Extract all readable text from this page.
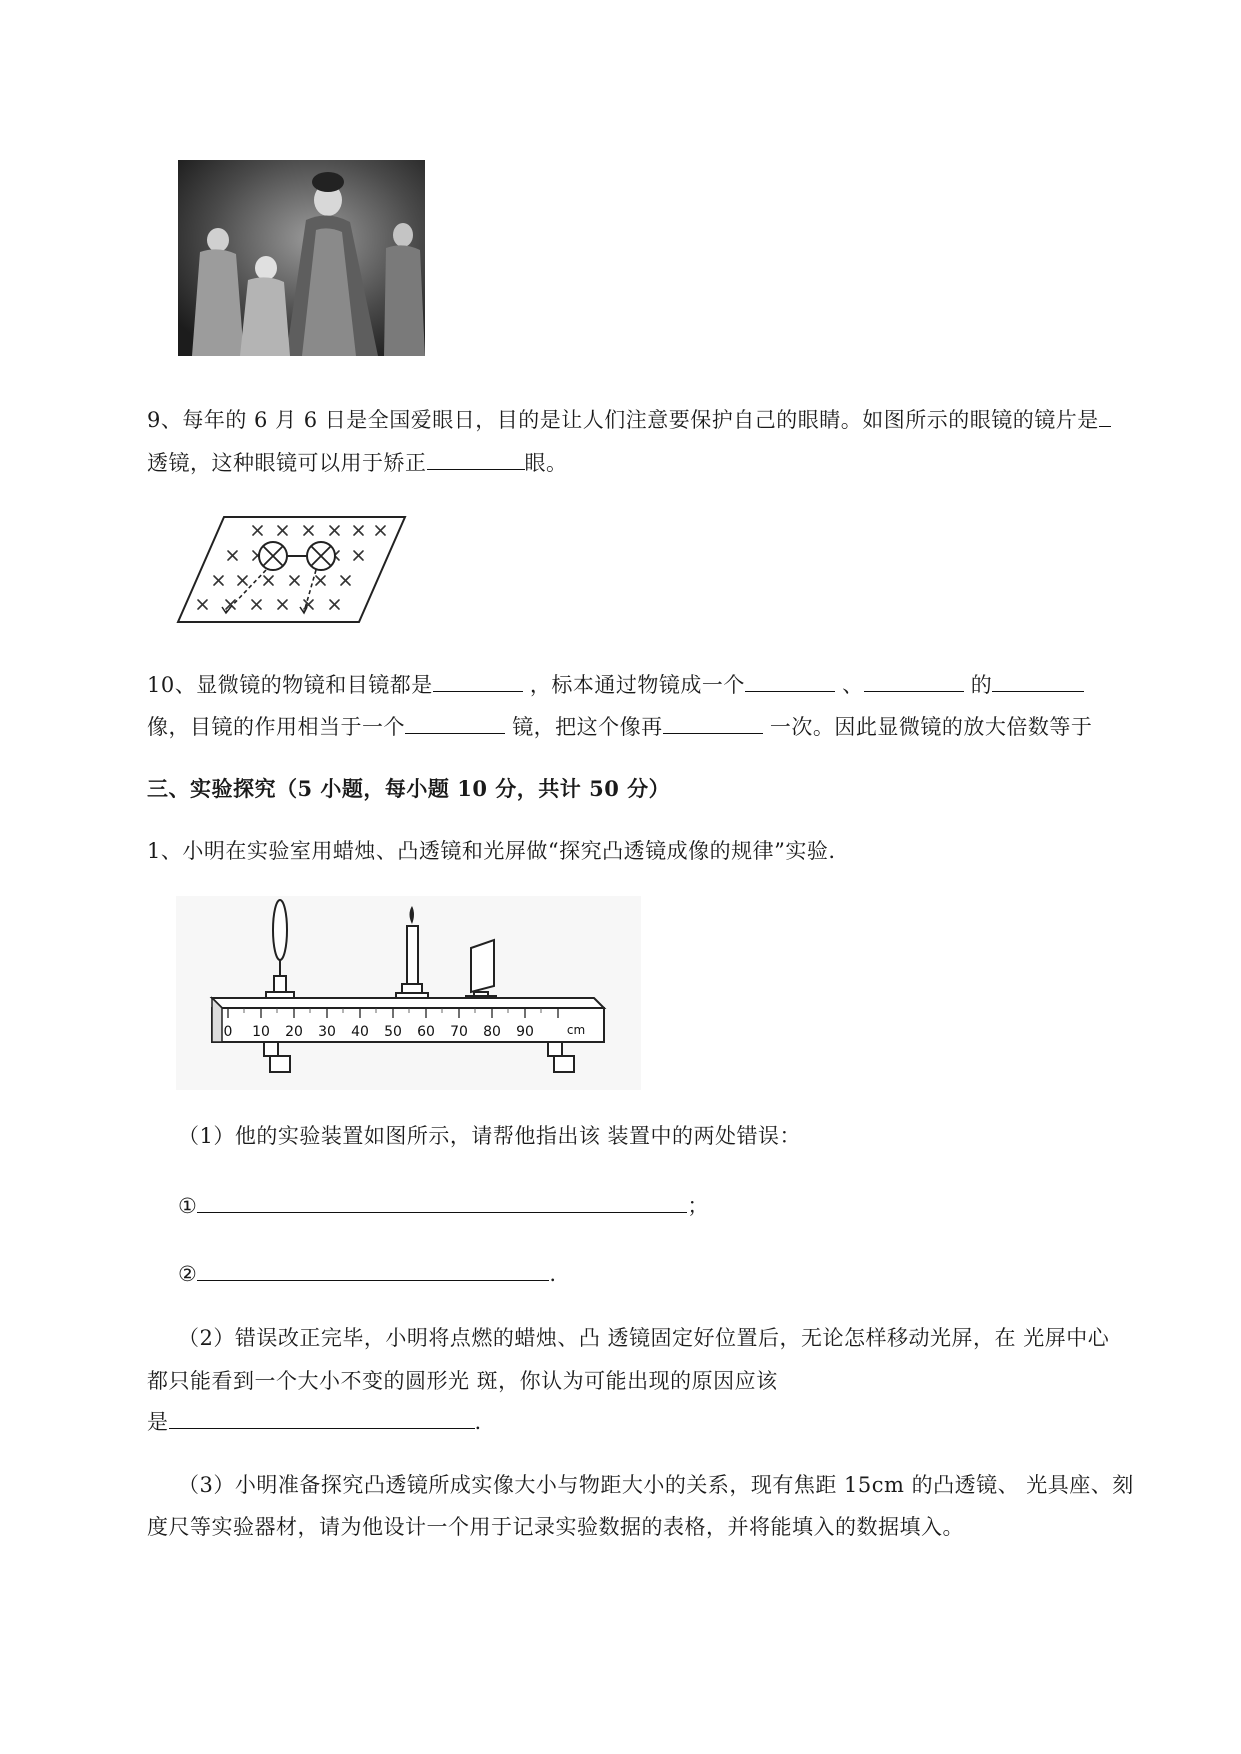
9、每年的 6 月 6 日是全国爱眼日，目的是让人们注意要保护自己的眼睛。如图所示的眼镜的镜片是
透镜，这种眼镜可以用于矫正	眼。
10、显微镜的物镜和目镜都是	，标本通过物镜成一个	、	的
像，目镜的作用相当于一个	镜，把这个像再	一次。因此显微镜的放大倍数等于
三、实验探究（5 小题，每小题 10 分，共计 50 分）
1、小明在实验室用蜡烛、凸透镜和光屏做“探究凸透镜成像的规律”实验.
0 10 20 30 40 50 60 70 80 90	cm
（1）他的实验装置如图所示，请帮他指出该 装置中的两处错误：
①	；
②	.
（2）错误改正完毕，小明将点燃的蜡烛、凸 透镜固定好位置后，无论怎样移动光屏，在 光屏中心
都只能看到一个大小不变的圆形光 斑，你认为可能出现的原因应该
是	.
（3）小明准备探究凸透镜所成实像大小与物距大小的关系，现有焦距 15cm 的凸透镜、 光具座、刻
度尺等实验器材，请为他设计一个用于记录实验数据的表格，并将能填入的数据填入。
